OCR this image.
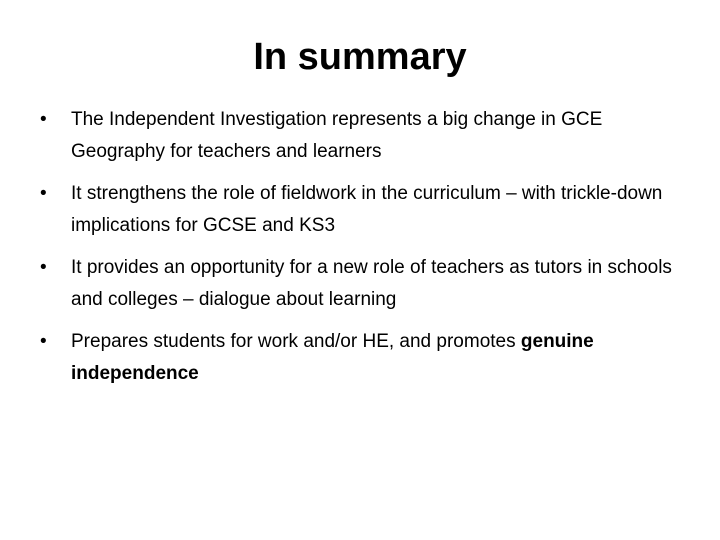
In summary
•	The Independent Investigation represents a big change in GCE Geography for teachers and learners
•	It strengthens the role of fieldwork in the curriculum – with trickle-down implications for GCSE and KS3
•	It provides an opportunity for a new role of teachers as tutors in schools and colleges – dialogue about learning
•	Prepares students for work and/or HE, and promotes genuine independence
